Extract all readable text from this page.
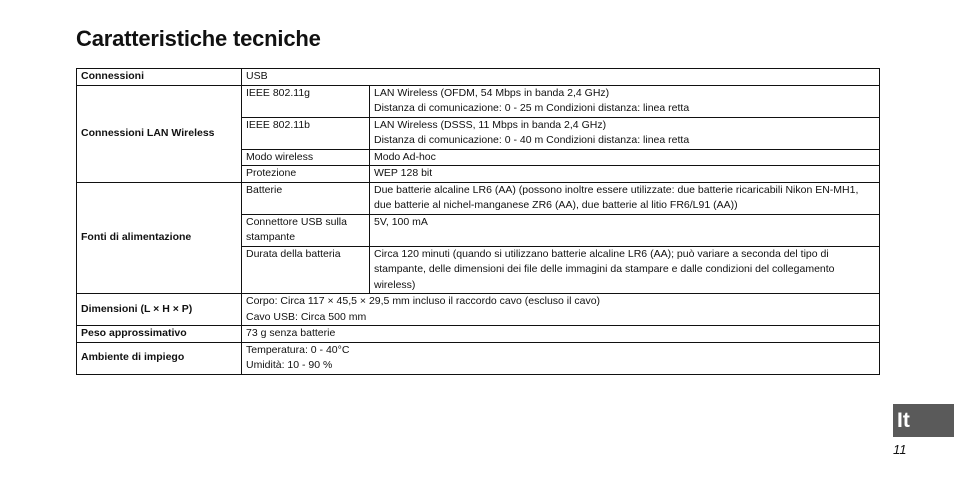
Caratteristiche tecniche
Connessioni	USB	
Connessioni LAN Wireless	IEEE 802.11g	LAN Wireless (OFDM, 54 Mbps in banda 2,4 GHz)
Distanza di comunicazione: 0 - 25 m Condizioni distanza: linea retta
	IEEE 802.11b	LAN Wireless (DSSS, 11 Mbps in banda 2,4 GHz)
Distanza di comunicazione: 0 - 40 m Condizioni distanza: linea retta
	Modo wireless	Modo Ad-hoc
	Protezione	WEP 128 bit
Fonti di alimentazione	Batterie	Due batterie alcaline LR6 (AA) (possono inoltre essere utilizzate: due batterie ricaricabili Nikon EN-MH1, due batterie al nichel-manganese ZR6 (AA), due batterie al litio FR6/L91 (AA))
	Connettore USB sulla stampante	5V, 100 mA
	Durata della batteria	Circa 120 minuti (quando si utilizzano batterie alcaline LR6 (AA); può variare a seconda del tipo di stampante, delle dimensioni dei file delle immagini da stampare e dalle condizioni del collegamento wireless)
Dimensioni (L × H × P)	Corpo: Circa 117 × 45,5 × 29,5 mm incluso il raccordo cavo (escluso il cavo)
Cavo USB: Circa 500 mm	
Peso approssimativo	73 g senza batterie	
Ambiente di impiego	Temperatura: 0 - 40°C
Umidità: 10 - 90 %	
It
11
